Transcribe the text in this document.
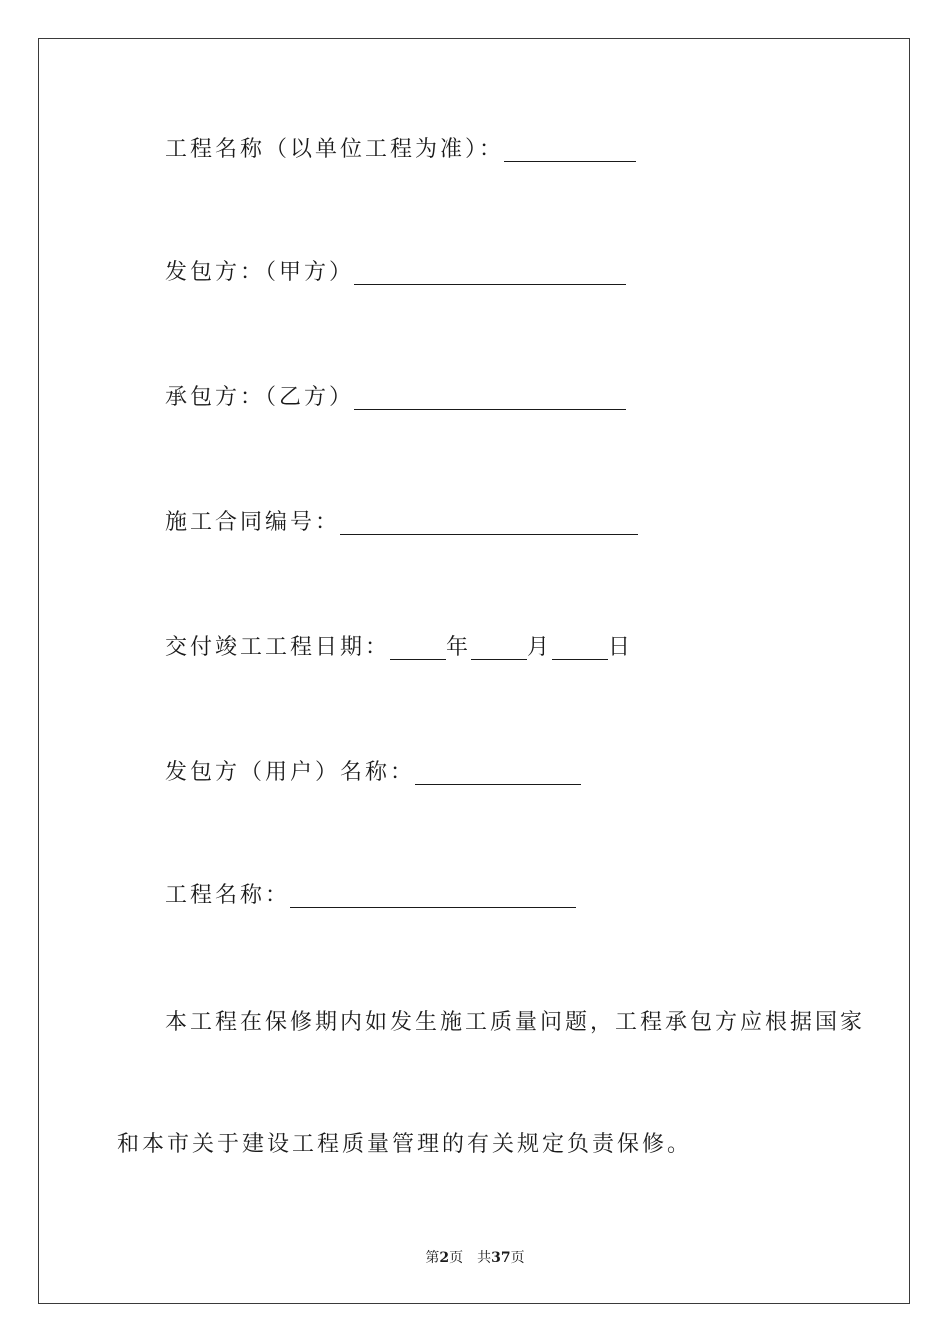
工程名称（以单位工程为准）：
发包方：（甲方）
承包方：（乙方）
施工合同编号：
交付竣工工程日期：	年	月	日
发包方（用户）名称：
工程名称：
本工程在保修期内如发生施工质量问题，工程承包方应根据国家
和本市关于建设工程质量管理的有关规定负责保修。
第2页 共37页
